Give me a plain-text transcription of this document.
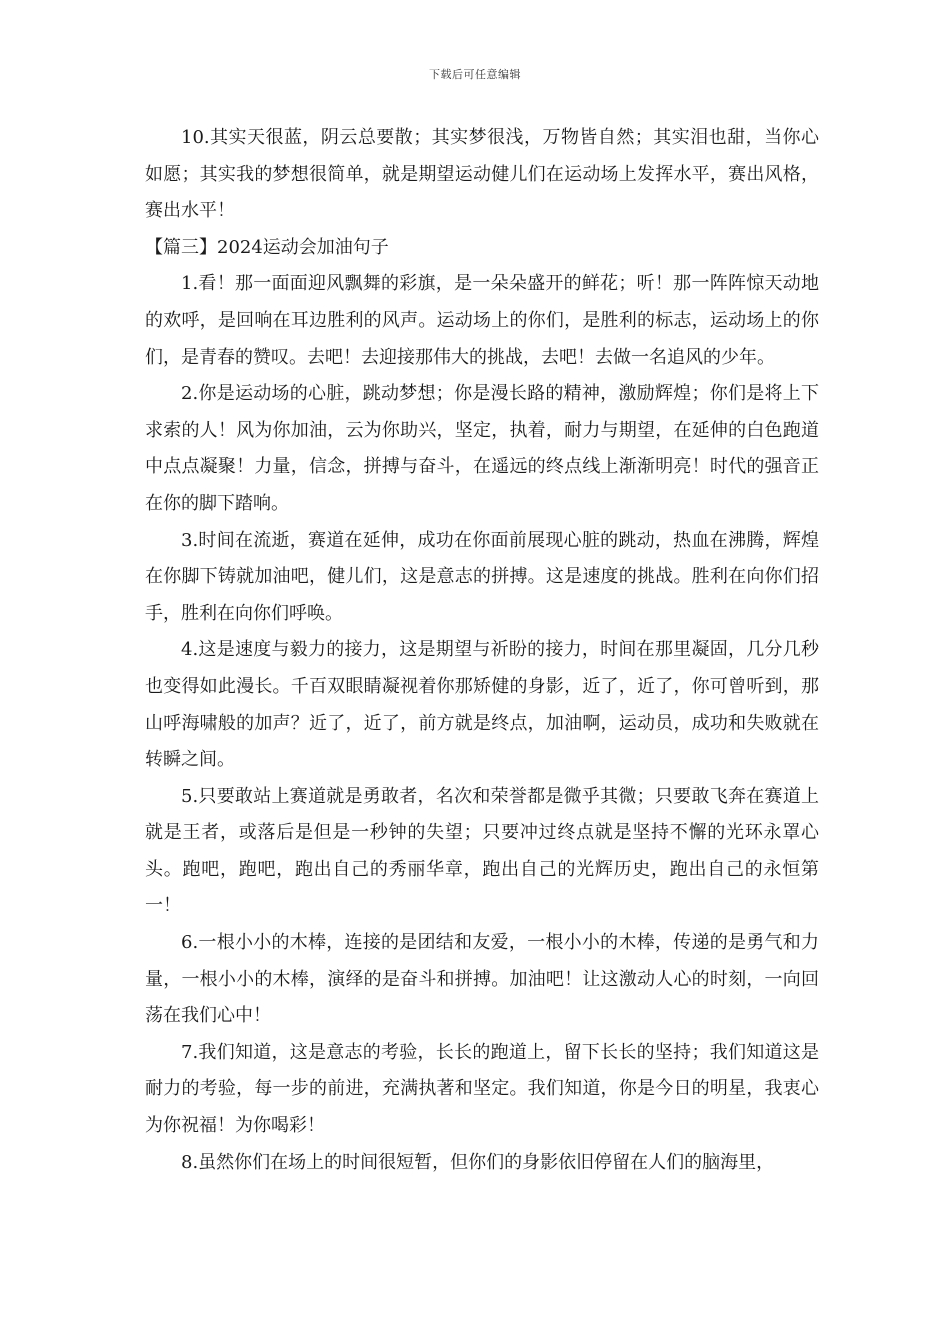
下载后可任意编辑

10.其实天很蓝，阴云总要散；其实梦很浅，万物皆自然；其实泪也甜，当你心如愿；其实我的梦想很简单，就是期望运动健儿们在运动场上发挥水平，赛出风格，赛出水平！

【篇三】2024运动会加油句子

1.看！那一面面迎风飘舞的彩旗，是一朵朵盛开的鲜花；听！那一阵阵惊天动地的欢呼，是回响在耳边胜利的风声。运动场上的你们，是胜利的标志，运动场上的你们，是青春的赞叹。去吧！去迎接那伟大的挑战，去吧！去做一名追风的少年。

2.你是运动场的心脏，跳动梦想；你是漫长路的精神，激励辉煌；你们是将上下求索的人！风为你加油，云为你助兴，坚定，执着，耐力与期望，在延伸的白色跑道中点点凝聚！力量，信念，拼搏与奋斗，在遥远的终点线上渐渐明亮！时代的强音正在你的脚下踏响。

3.时间在流逝，赛道在延伸，成功在你面前展现心脏的跳动，热血在沸腾，辉煌在你脚下铸就加油吧，健儿们，这是意志的拼搏。这是速度的挑战。胜利在向你们招手，胜利在向你们呼唤。

4.这是速度与毅力的接力，这是期望与祈盼的接力，时间在那里凝固，几分几秒也变得如此漫长。千百双眼睛凝视着你那矫健的身影，近了，近了，你可曾听到，那山呼海啸般的加声？近了，近了，前方就是终点，加油啊，运动员，成功和失败就在转瞬之间。

5.只要敢站上赛道就是勇敢者，名次和荣誉都是微乎其微；只要敢飞奔在赛道上就是王者，或落后是但是一秒钟的失望；只要冲过终点就是坚持不懈的光环永罩心头。跑吧，跑吧，跑出自己的秀丽华章，跑出自己的光辉历史，跑出自己的永恒第一！

6.一根小小的木棒，连接的是团结和友爱，一根小小的木棒，传递的是勇气和力量，一根小小的木棒，演绎的是奋斗和拼搏。加油吧！让这激动人心的时刻，一向回荡在我们心中！

7.我们知道，这是意志的考验，长长的跑道上，留下长长的坚持；我们知道这是耐力的考验，每一步的前进，充满执著和坚定。我们知道，你是今日的明星，我衷心为你祝福！为你喝彩！

8.虽然你们在场上的时间很短暂，但你们的身影依旧停留在人们的脑海里，
